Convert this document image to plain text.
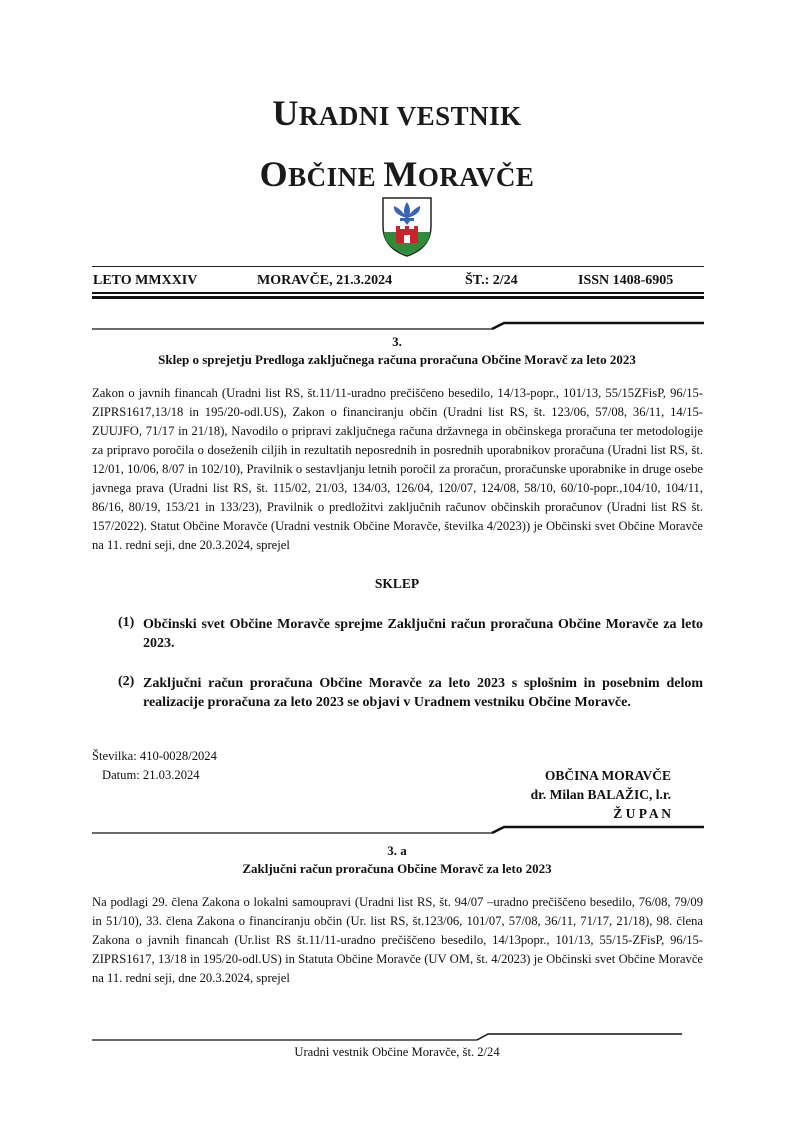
URADNI VESTNIK
OBČINE MORAVČE
LETO MMXXIV	MORAVČE, 21.3.2024	ŠT.: 2/24	ISSN 1408-6905
3.
Sklep o sprejetju Predloga zaključnega računa proračuna Občine Moravč za leto 2023
Zakon o javnih financah (Uradni list RS, št.11/11-uradno prečiščeno besedilo, 14/13-popr., 101/13, 55/15ZFisP, 96/15-ZIPRS1617,13/18 in 195/20-odl.US), Zakon o financiranju občin (Uradni list RS, št. 123/06, 57/08, 36/11, 14/15-ZUUJFO, 71/17 in 21/18), Navodilo o pripravi zaključnega računa državnega in občinskega proračuna ter metodologije za pripravo poročila o doseženih ciljih in rezultatih neposrednih in posrednih uporabnikov proračuna (Uradni list RS, št. 12/01, 10/06, 8/07 in 102/10), Pravilnik o sestavljanju letnih poročil za proračun, proračunske uporabnike in druge osebe javnega prava (Uradni list RS, št. 115/02, 21/03, 134/03, 126/04, 120/07, 124/08, 58/10, 60/10-popr.,104/10, 104/11, 86/16, 80/19, 153/21 in 133/23), Pravilnik o predložitvi zaključnih računov občinskih proračunov (Uradni list RS št. 157/2022). Statut Občine Moravče (Uradni vestnik Občine Moravče, številka 4/2023)) je Občinski svet Občine Moravče na 11. redni seji, dne 20.3.2024, sprejel
SKLEP
(1) Občinski svet Občine Moravče sprejme Zaključni račun proračuna Občine Moravče za leto 2023.
(2) Zaključni račun proračuna Občine Moravče za leto 2023 s splošnim in posebnim delom realizacije proračuna za leto 2023 se objavi v Uradnem vestniku Občine Moravče.
Številka: 410-0028/2024
Datum: 21.03.2024	OBČINA MORAVČE
dr. Milan BALAŽIC, l.r.
Ž U P A N
3. a
Zaključni račun proračuna Občine Moravč za leto 2023
Na podlagi 29. člena Zakona o lokalni samoupravi (Uradni list RS, št. 94/07 –uradno prečiščeno besedilo, 76/08, 79/09 in 51/10), 33. člena Zakona o financiranju občin (Ur. list RS, št.123/06, 101/07, 57/08, 36/11, 71/17, 21/18), 98. člena Zakona o javnih financah (Ur.list RS št.11/11-uradno prečiščeno besedilo, 14/13popr., 101/13, 55/15-ZFisP, 96/15-ZIPRS1617, 13/18 in 195/20-odl.US) in Statuta Občine Moravče (UV OM, št. 4/2023) je Občinski svet Občine Moravče na 11. redni seji, dne 20.3.2024, sprejel
Uradni vestnik Občine Moravče, št. 2/24
